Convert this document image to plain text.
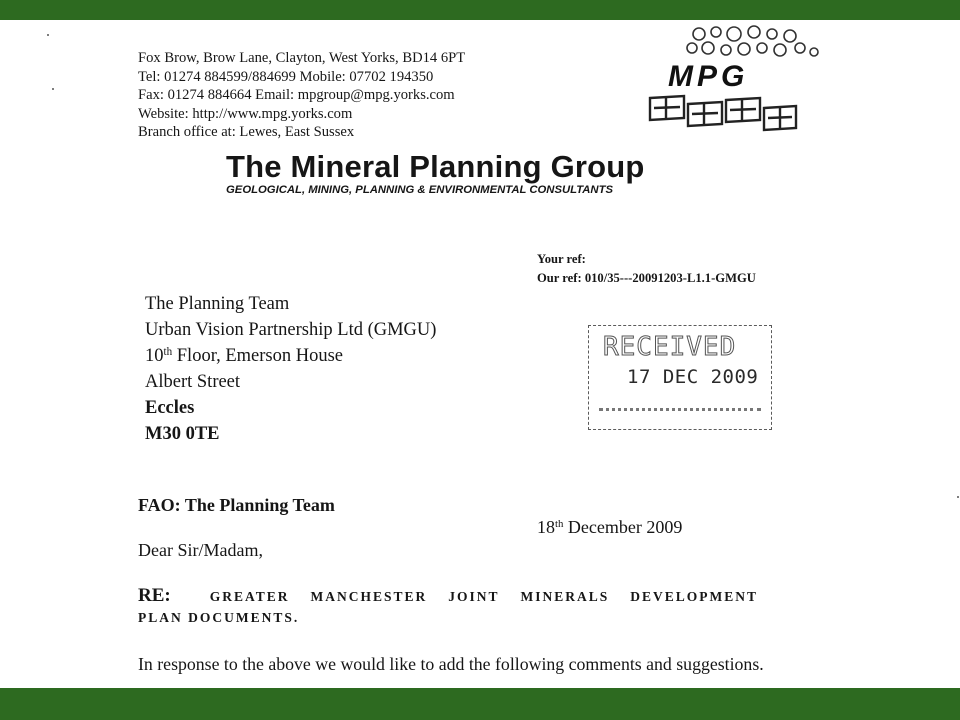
Fox Brow, Brow Lane, Clayton, West Yorks, BD14 6PT
Tel: 01274 884599/884699 Mobile: 07702 194350
Fax: 01274 884664 Email: mpgroup@mpg.yorks.com
Website: http://www.mpg.yorks.com
Branch office at: Lewes, East Sussex
MPG
The Mineral Planning Group
GEOLOGICAL, MINING, PLANNING & ENVIRONMENTAL CONSULTANTS
Your ref:
Our ref: 010/35---20091203-L1.1-GMGU
The Planning Team
Urban Vision Partnership Ltd (GMGU)
10th Floor, Emerson House
Albert Street
Eccles
M30 0TE
RECEIVED
17 DEC 2009
FAO: The Planning Team
18th December 2009
Dear Sir/Madam,
RE:	GREATER MANCHESTER JOINT MINERALS DEVELOPMENT
PLAN DOCUMENTS.
In response to the above we would like to add the following comments and suggestions.
